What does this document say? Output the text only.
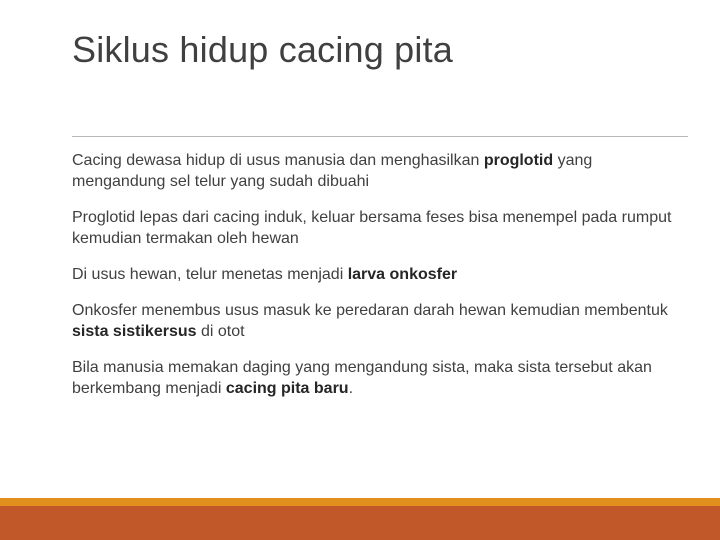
Siklus hidup cacing pita
Cacing dewasa hidup di usus manusia dan menghasilkan proglotid yang mengandung sel telur yang sudah dibuahi
Proglotid lepas dari cacing induk, keluar bersama feses bisa menempel pada rumput kemudian termakan oleh hewan
Di usus hewan, telur menetas menjadi larva onkosfer
Onkosfer menembus usus masuk ke peredaran darah hewan kemudian membentuk sista sistikersus di otot
Bila manusia memakan daging yang mengandung sista, maka sista tersebut akan berkembang menjadi cacing pita baru.
